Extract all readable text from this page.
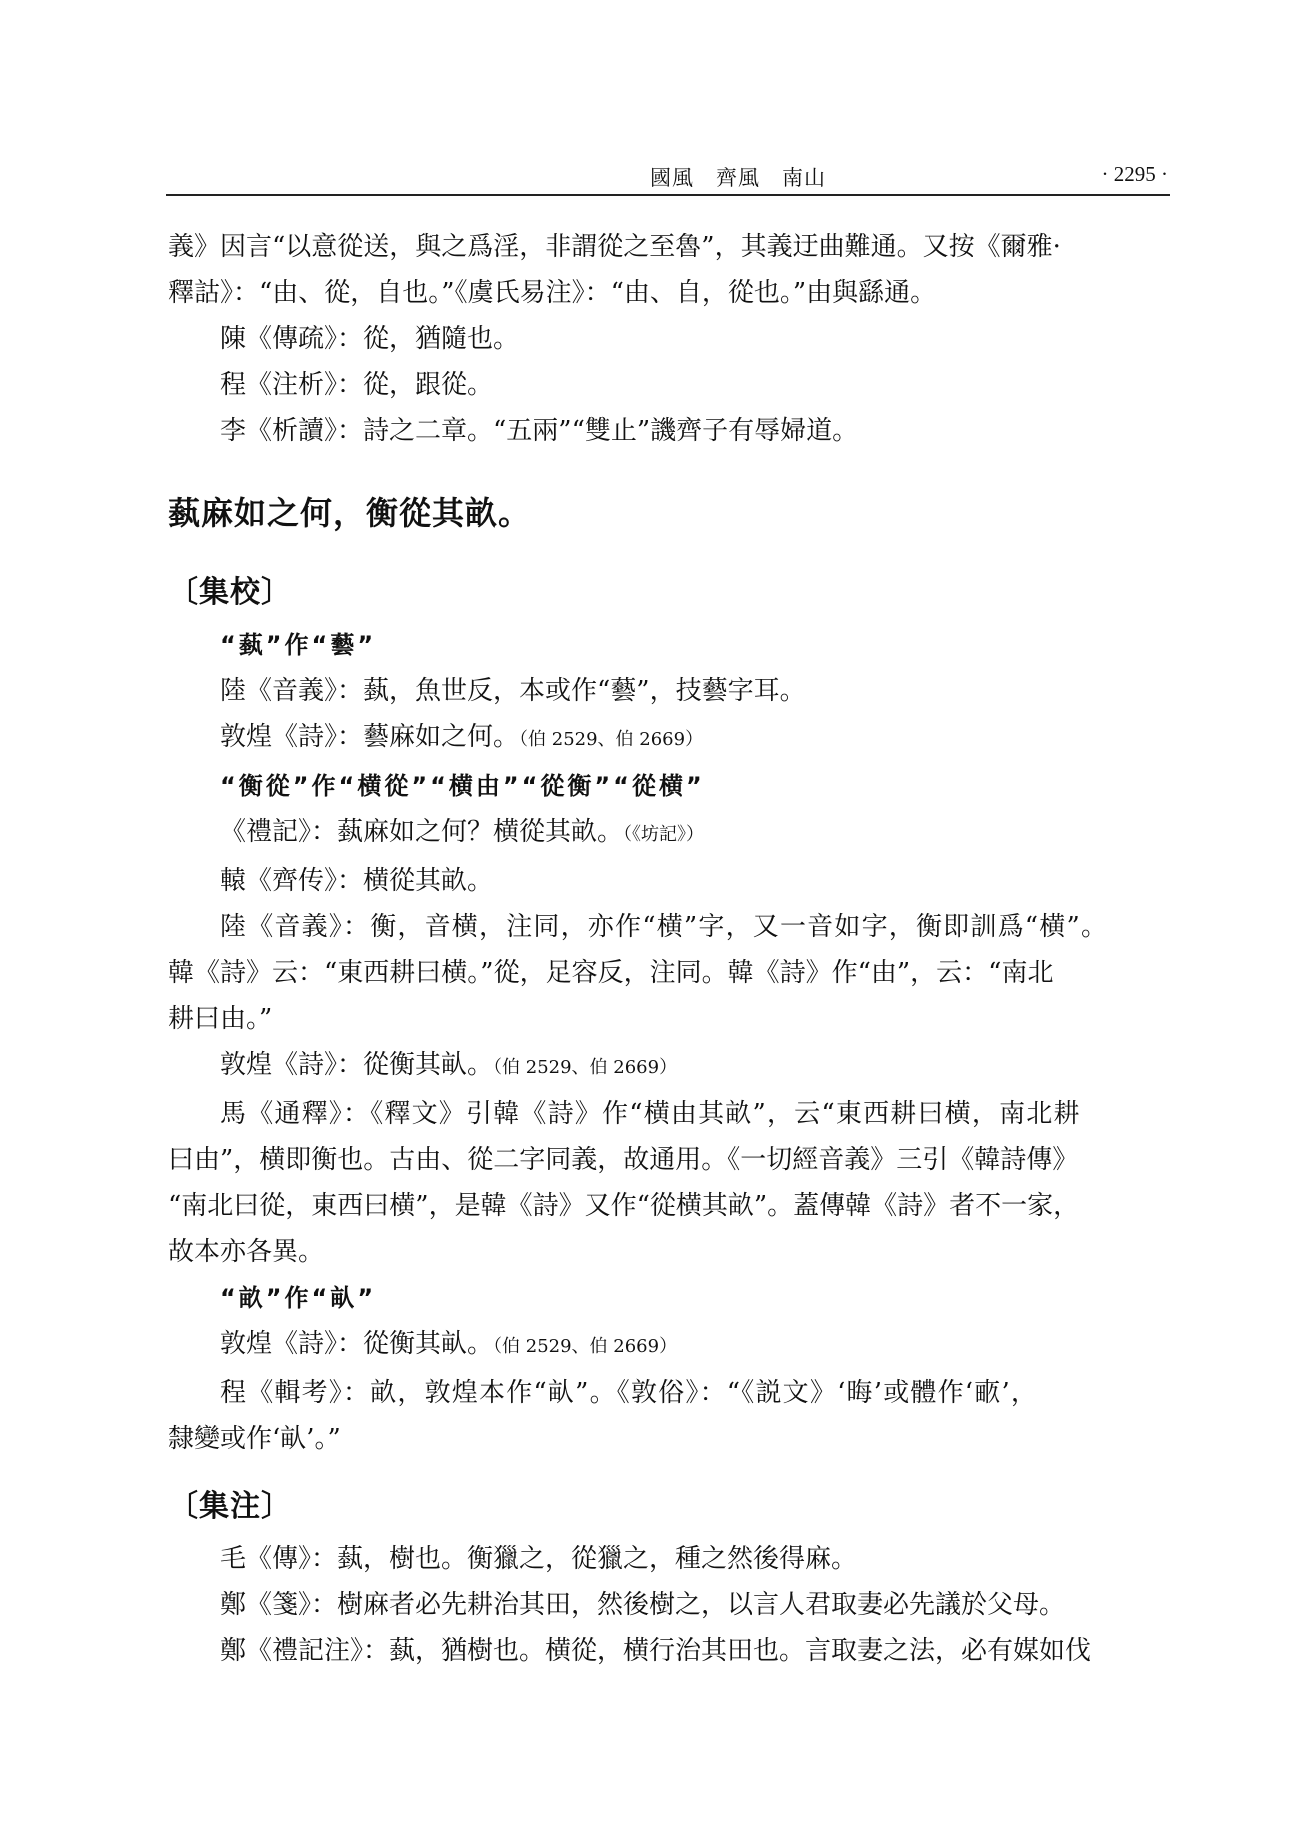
國風　齊風　南山	· 2295 ·

義》因言“以意從送，與之爲淫，非謂從之至魯”，其義迂曲難通。又按《爾雅·

釋詁》：“由、從，自也。”《虞氏易注》：“由、自，從也。”由與繇通。

陳《傳疏》：從，猶隨也。

程《注析》：從，跟從。

李《析讀》：詩之二章。“五兩”“雙止”譏齊子有辱婦道。

蓺麻如之何，衡從其畝。

〔集校〕

“蓺”作“藝”

陸《音義》：蓺，魚世反，本或作“藝”，技藝字耳。

敦煌《詩》：藝麻如之何。（伯 2529、伯 2669）

“衡從”作“横從”“横由”“從衡”“從横”

《禮記》：蓺麻如之何？横從其畝。（《坊記》）

轅《齊传》：横從其畝。

陸《音義》：衡，音横，注同，亦作“横”字，又一音如字，衡即訓爲“横”。

韓《詩》云：“東西耕曰横。”從，足容反，注同。韓《詩》作“由”，云：“南北

耕曰由。”

敦煌《詩》：從衡其畒。（伯 2529、伯 2669）

馬《通釋》：《釋文》引韓《詩》作“横由其畝”，云“東西耕曰横，南北耕

曰由”，横即衡也。古由、從二字同義，故通用。《一切經音義》三引《韓詩傳》

“南北曰從，東西曰横”，是韓《詩》又作“從横其畝”。蓋傳韓《詩》者不一家，

故本亦各異。

“畝”作“畒”

敦煌《詩》：從衡其畒。（伯 2529、伯 2669）

程《輯考》：畝，敦煌本作“畒”。《敦俗》：“《説文》‘晦’或體作‘畞’，

隸變或作‘畒’。”

〔集注〕

毛《傳》：蓺，樹也。衡獵之，從獵之，種之然後得麻。

鄭《箋》：樹麻者必先耕治其田，然後樹之，以言人君取妻必先議於父母。

鄭《禮記注》：蓺，猶樹也。横從，横行治其田也。言取妻之法，必有媒如伐
